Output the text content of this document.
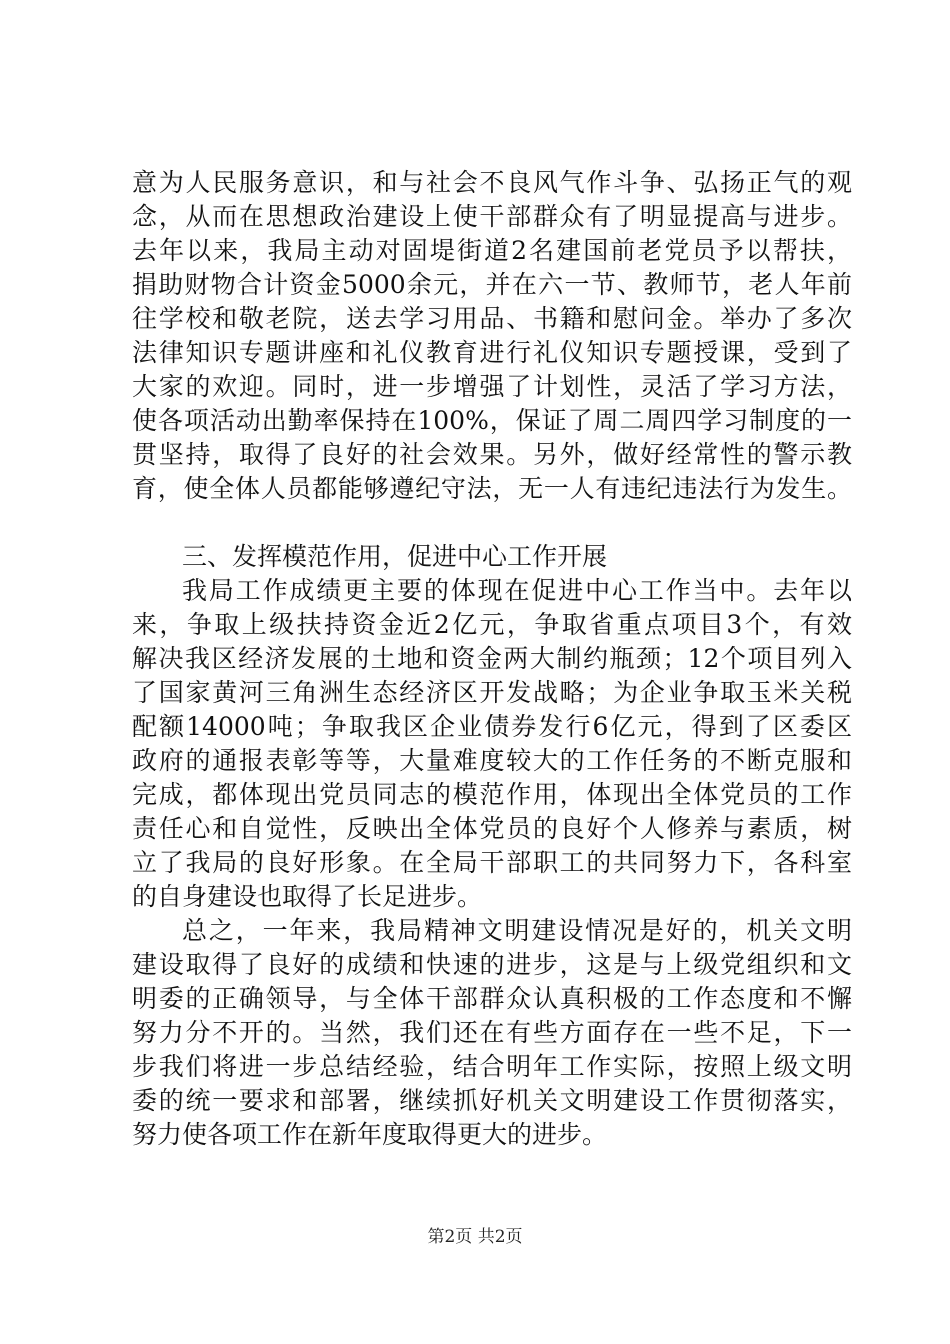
意为人民服务意识，和与社会不良风气作斗争、弘扬正气的观
念，从而在思想政治建设上使干部群众有了明显提高与进步。
去年以来，我局主动对固堤街道2名建国前老党员予以帮扶，
捐助财物合计资金5000余元，并在六一节、教师节，老人年前
往学校和敬老院，送去学习用品、书籍和慰问金。举办了多次
法律知识专题讲座和礼仪教育进行礼仪知识专题授课，受到了
大家的欢迎。同时，进一步增强了计划性，灵活了学习方法，
使各项活动出勤率保持在100%，保证了周二周四学习制度的一
贯坚持，取得了良好的社会效果。另外，做好经常性的警示教
育，使全体人员都能够遵纪守法，无一人有违纪违法行为发生。
三、发挥模范作用，促进中心工作开展
我局工作成绩更主要的体现在促进中心工作当中。去年以
来，争取上级扶持资金近2亿元，争取省重点项目3个，有效
解决我区经济发展的土地和资金两大制约瓶颈；12个项目列入
了国家黄河三角洲生态经济区开发战略；为企业争取玉米关税
配额14000吨；争取我区企业债券发行6亿元，得到了区委区
政府的通报表彰等等，大量难度较大的工作任务的不断克服和
完成，都体现出党员同志的模范作用，体现出全体党员的工作
责任心和自觉性，反映出全体党员的良好个人修养与素质，树
立了我局的良好形象。在全局干部职工的共同努力下，各科室
的自身建设也取得了长足进步。
总之，一年来，我局精神文明建设情况是好的，机关文明
建设取得了良好的成绩和快速的进步，这是与上级党组织和文
明委的正确领导，与全体干部群众认真积极的工作态度和不懈
努力分不开的。当然，我们还在有些方面存在一些不足，下一
步我们将进一步总结经验，结合明年工作实际，按照上级文明
委的统一要求和部署，继续抓好机关文明建设工作贯彻落实，
努力使各项工作在新年度取得更大的进步。
第2页 共2页
